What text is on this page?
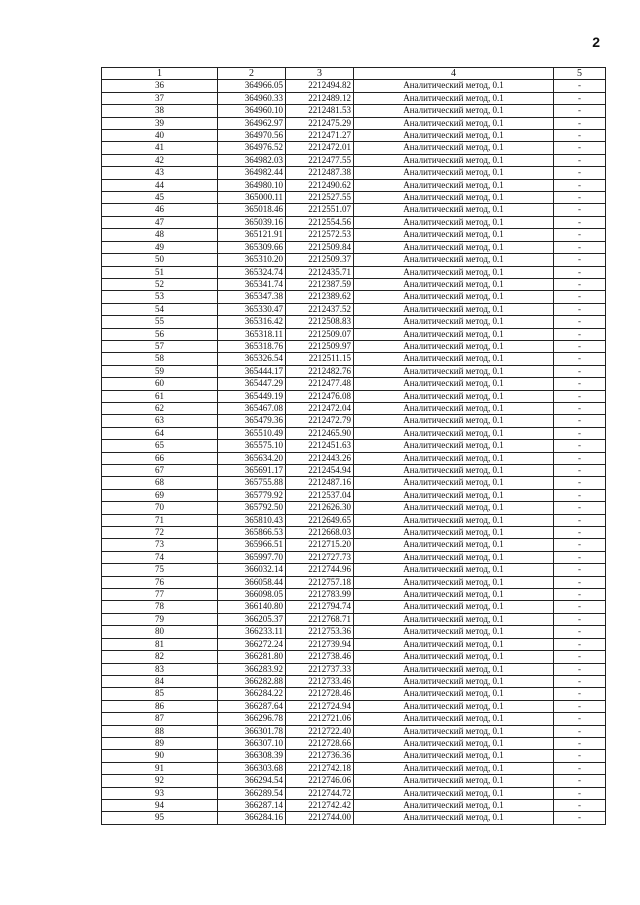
2
1	2	3	4	5
36	364966.05	2212494.82	Аналитический метод, 0.1	-
37	364960.33	2212489.12	Аналитический метод, 0.1	-
38	364960.10	2212481.53	Аналитический метод, 0.1	-
39	364962.97	2212475.29	Аналитический метод, 0.1	-
40	364970.56	2212471.27	Аналитический метод, 0.1	-
41	364976.52	2212472.01	Аналитический метод, 0.1	-
42	364982.03	2212477.55	Аналитический метод, 0.1	-
43	364982.44	2212487.38	Аналитический метод, 0.1	-
44	364980.10	2212490.62	Аналитический метод, 0.1	-
45	365000.11	2212527.55	Аналитический метод, 0.1	-
46	365018.46	2212551.07	Аналитический метод, 0.1	-
47	365039.16	2212554.56	Аналитический метод, 0.1	-
48	365121.91	2212572.53	Аналитический метод, 0.1	-
49	365309.66	2212509.84	Аналитический метод, 0.1	-
50	365310.20	2212509.37	Аналитический метод, 0.1	-
51	365324.74	2212435.71	Аналитический метод, 0.1	-
52	365341.74	2212387.59	Аналитический метод, 0.1	-
53	365347.38	2212389.62	Аналитический метод, 0.1	-
54	365330.47	2212437.52	Аналитический метод, 0.1	-
55	365316.42	2212508.83	Аналитический метод, 0.1	-
56	365318.11	2212509.07	Аналитический метод, 0.1	-
57	365318.76	2212509.97	Аналитический метод, 0.1	-
58	365326.54	2212511.15	Аналитический метод, 0.1	-
59	365444.17	2212482.76	Аналитический метод, 0.1	-
60	365447.29	2212477.48	Аналитический метод, 0.1	-
61	365449.19	2212476.08	Аналитический метод, 0.1	-
62	365467.08	2212472.04	Аналитический метод, 0.1	-
63	365479.36	2212472.79	Аналитический метод, 0.1	-
64	365510.49	2212465.90	Аналитический метод, 0.1	-
65	365575.10	2212451.63	Аналитический метод, 0.1	-
66	365634.20	2212443.26	Аналитический метод, 0.1	-
67	365691.17	2212454.94	Аналитический метод, 0.1	-
68	365755.88	2212487.16	Аналитический метод, 0.1	-
69	365779.92	2212537.04	Аналитический метод, 0.1	-
70	365792.50	2212626.30	Аналитический метод, 0.1	-
71	365810.43	2212649.65	Аналитический метод, 0.1	-
72	365866.53	2212668.03	Аналитический метод, 0.1	-
73	365966.51	2212715.20	Аналитический метод, 0.1	-
74	365997.70	2212727.73	Аналитический метод, 0.1	-
75	366032.14	2212744.96	Аналитический метод, 0.1	-
76	366058.44	2212757.18	Аналитический метод, 0.1	-
77	366098.05	2212783.99	Аналитический метод, 0.1	-
78	366140.80	2212794.74	Аналитический метод, 0.1	-
79	366205.37	2212768.71	Аналитический метод, 0.1	-
80	366233.11	2212753.36	Аналитический метод, 0.1	-
81	366272.24	2212739.94	Аналитический метод, 0.1	-
82	366281.80	2212738.46	Аналитический метод, 0.1	-
83	366283.92	2212737.33	Аналитический метод, 0.1	-
84	366282.88	2212733.46	Аналитический метод, 0.1	-
85	366284.22	2212728.46	Аналитический метод, 0.1	-
86	366287.64	2212724.94	Аналитический метод, 0.1	-
87	366296.78	2212721.06	Аналитический метод, 0.1	-
88	366301.78	2212722.40	Аналитический метод, 0.1	-
89	366307.10	2212728.66	Аналитический метод, 0.1	-
90	366308.39	2212736.36	Аналитический метод, 0.1	-
91	366303.68	2212742.18	Аналитический метод, 0.1	-
92	366294.54	2212746.06	Аналитический метод, 0.1	-
93	366289.54	2212744.72	Аналитический метод, 0.1	-
94	366287.14	2212742.42	Аналитический метод, 0.1	-
95	366284.16	2212744.00	Аналитический метод, 0.1	-
